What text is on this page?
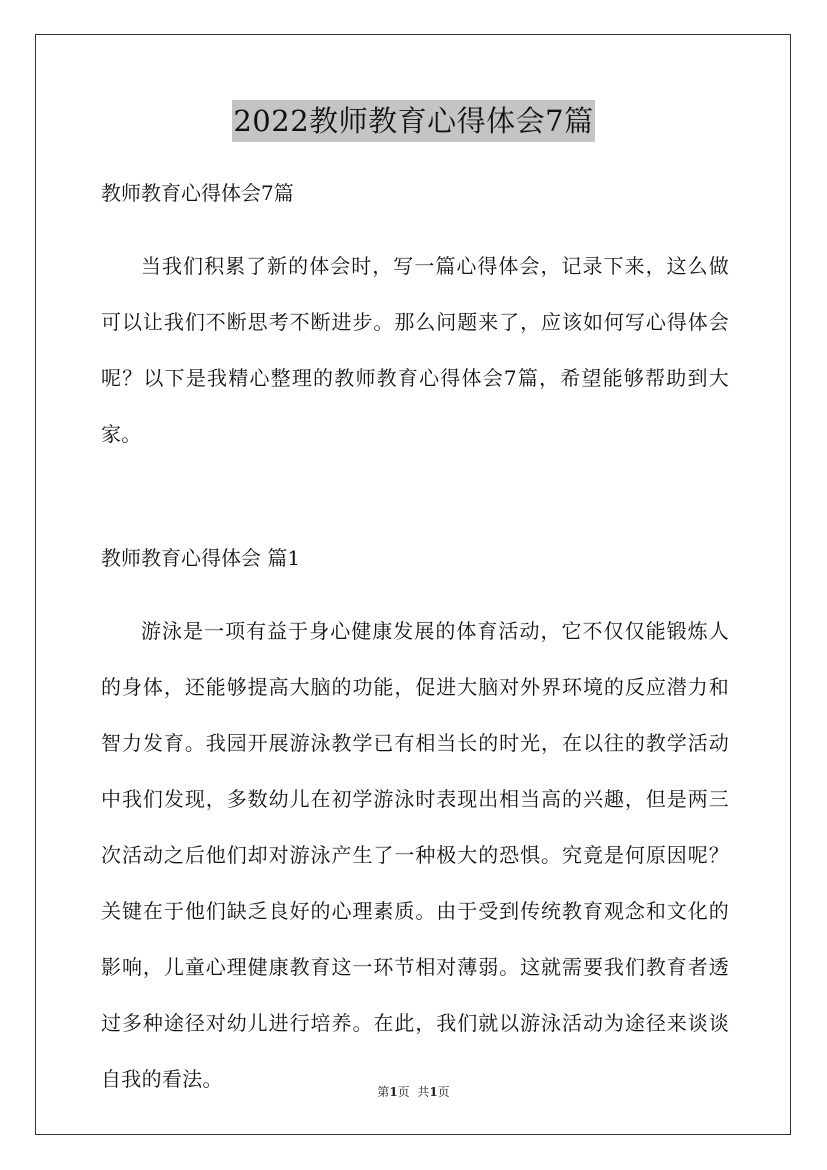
2022教师教育心得体会7篇

教师教育心得体会7篇

当我们积累了新的体会时，写一篇心得体会，记录下来，这么做可以让我们不断思考不断进步。那么问题来了，应该如何写心得体会呢？以下是我精心整理的教师教育心得体会7篇，希望能够帮助到大家。

教师教育心得体会 篇1

游泳是一项有益于身心健康发展的体育活动，它不仅仅能锻炼人的身体，还能够提高大脑的功能，促进大脑对外界环境的反应潜力和智力发育。我园开展游泳教学已有相当长的时光，在以往的教学活动中我们发现，多数幼儿在初学游泳时表现出相当高的兴趣，但是两三次活动之后他们却对游泳产生了一种极大的恐惧。究竟是何原因呢？关键在于他们缺乏良好的心理素质。由于受到传统教育观念和文化的影响，儿童心理健康教育这一环节相对薄弱。这就需要我们教育者透过多种途径对幼儿进行培养。在此，我们就以游泳活动为途径来谈谈自我的看法。

第1页  共1页
